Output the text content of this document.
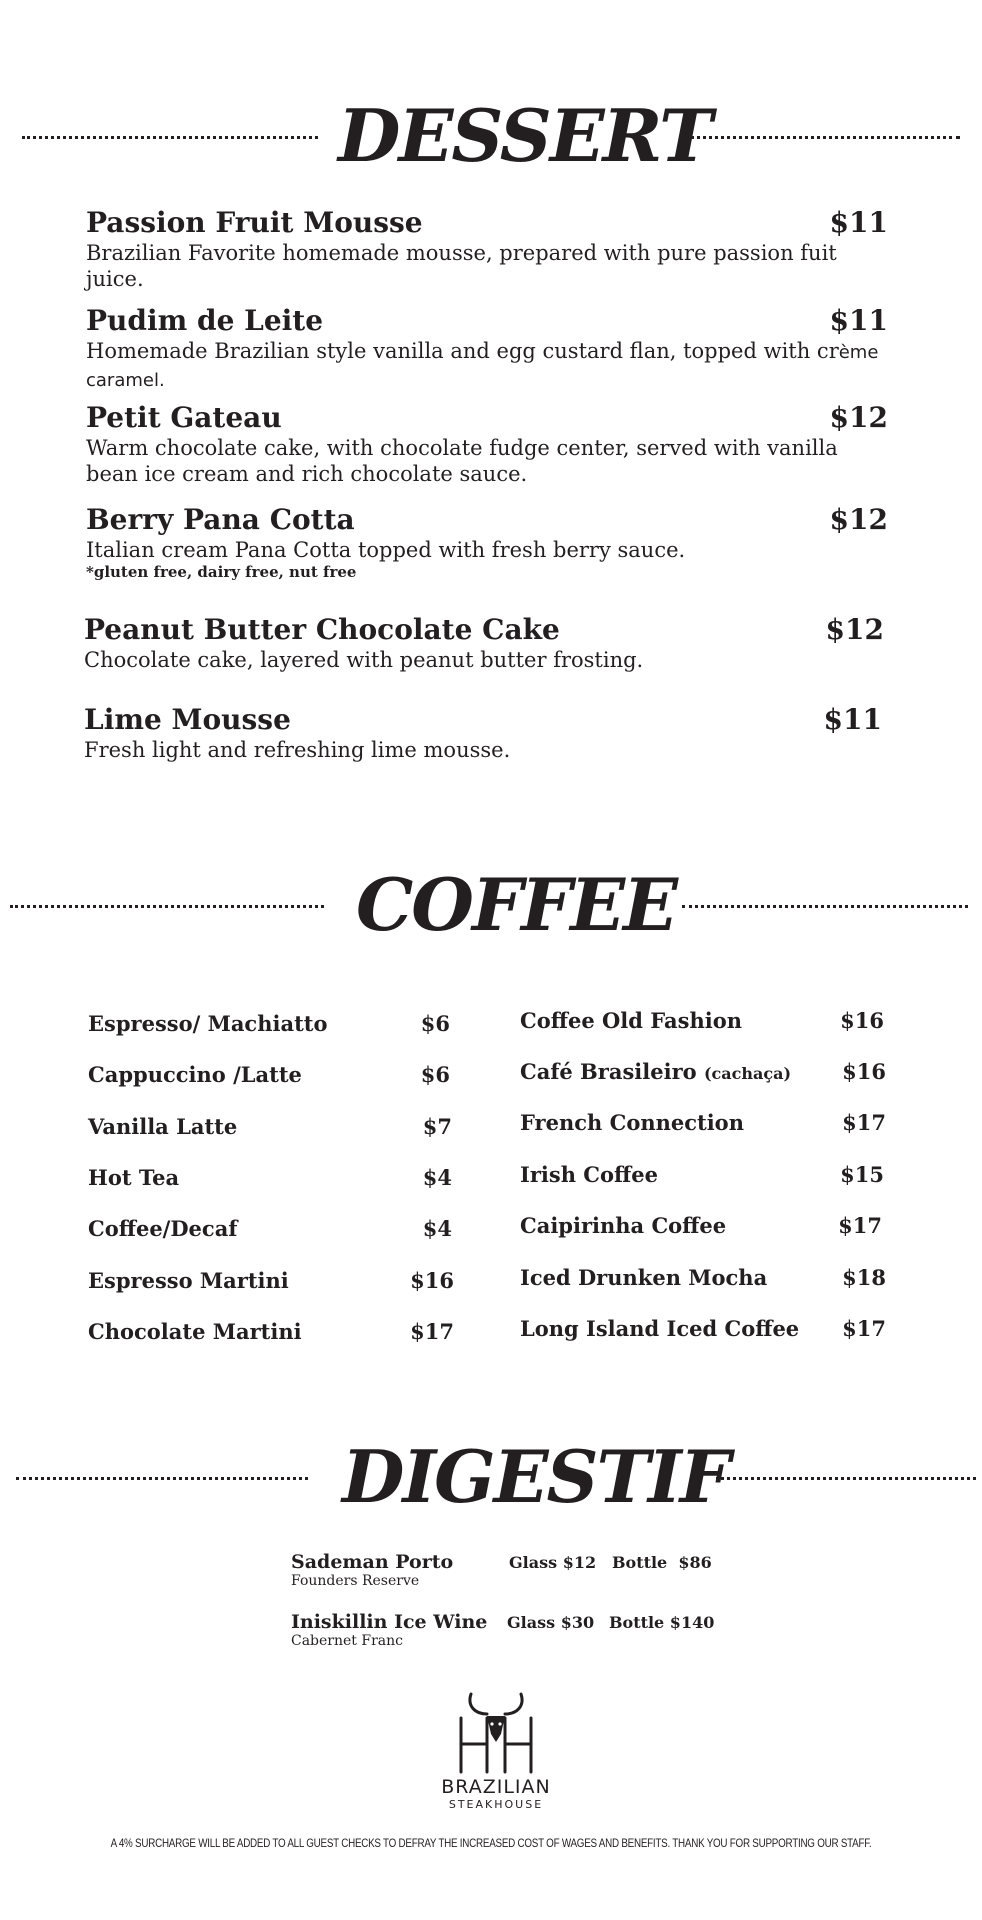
DESSERT
Passion Fruit Mousse	$11
Brazilian Favorite homemade mousse, prepared with pure passion fuit juice.
Pudim de Leite	$11
Homemade Brazilian style vanilla and egg custard flan, topped with crème caramel.
Petit Gateau	$12
Warm chocolate cake, with chocolate fudge center, served with vanilla bean ice cream and rich chocolate sauce.
Berry Pana Cotta	$12
Italian cream Pana Cotta topped with fresh berry sauce.
*gluten free, dairy free, nut free
Peanut Butter Chocolate Cake	$12
Chocolate cake, layered with peanut butter frosting.
Lime Mousse	$11
Fresh light and refreshing lime mousse.
COFFEE
Espresso/ Machiatto	$6
Cappuccino /Latte	$6
Vanilla Latte	$7
Hot Tea	$4
Coffee/Decaf	$4
Espresso Martini	$16
Chocolate Martini	$17
Coffee Old Fashion	$16
Café Brasileiro (cachaça) $16
French Connection	$17
Irish Coffee	$15
Caipirinha Coffee	$17
Iced Drunken Mocha	$18
Long Island Iced Coffee $17
DIGESTIF
Sademan Porto
Founders Reserve
Glass $12 Bottle  $86
Iniskillin Ice Wine
Cabernet Franc
Glass $30 Bottle $140
BRAZILIAN
STEAKHOUSE
A 4% SURCHARGE WILL BE ADDED TO ALL GUEST CHECKS TO DEFRAY THE INCREASED COST OF WAGES AND BENEFITS. THANK YOU FOR SUPPORTING OUR STAFF.
